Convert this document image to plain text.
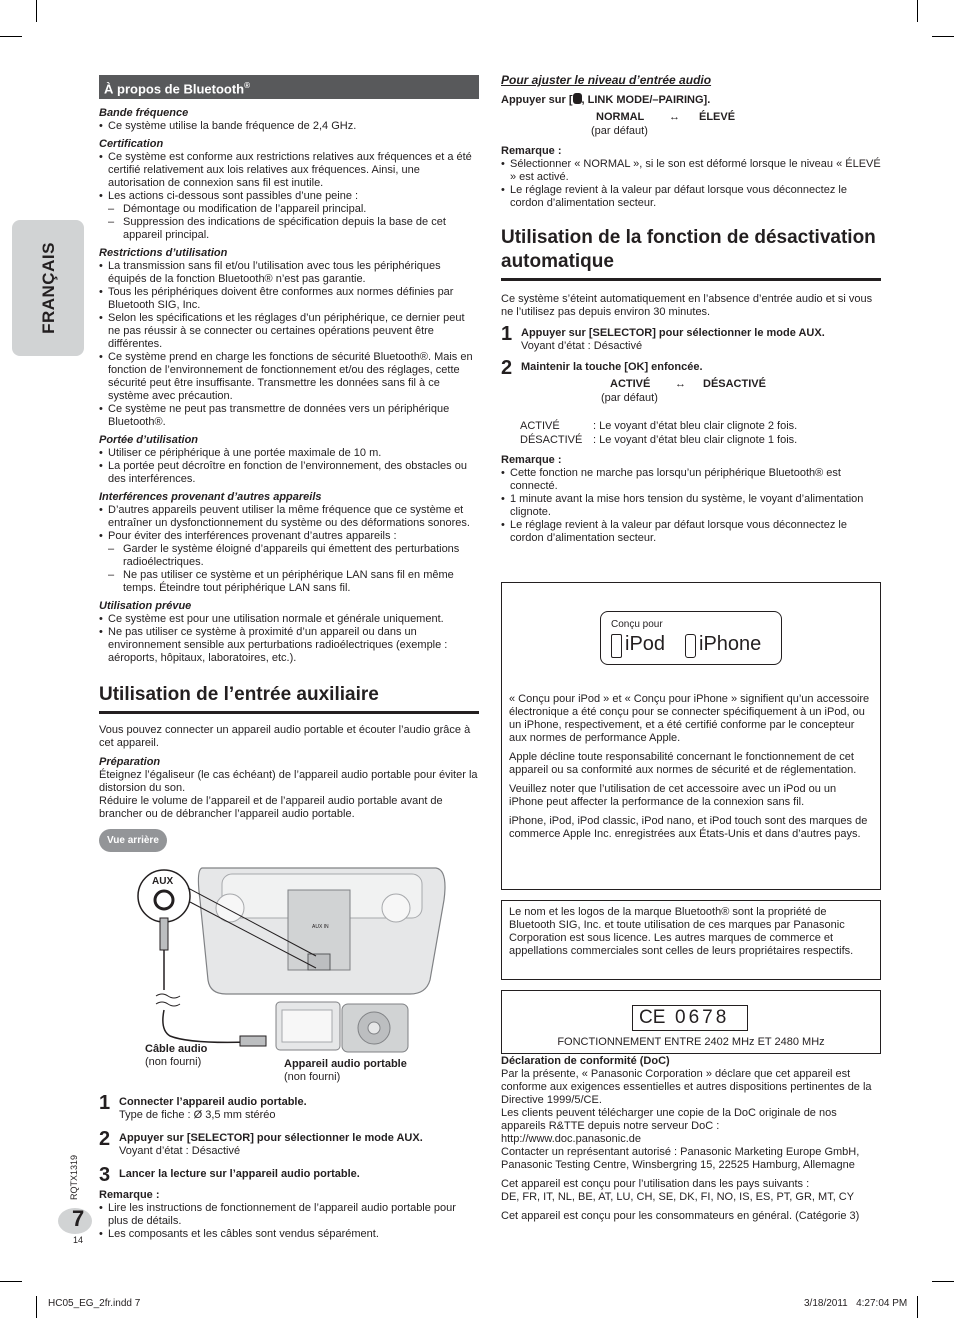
FRANÇAIS
RQTX1319
7
14
À propos de Bluetooth®
Bande fréquence
• Ce système utilise la bande fréquence de 2,4 GHz.
Certification
• Ce système est conforme aux restrictions relatives aux fréquences et a été certifié relativement aux lois relatives aux fréquences. Ainsi, une autorisation de connexion sans fil est inutile.
• Les actions ci-dessous sont passibles d’une peine :
– Démontage ou modification de l’appareil principal.
– Suppression des indications de spécification depuis la base de cet appareil principal.
Restrictions d’utilisation
• La transmission sans fil et/ou l’utilisation avec tous les périphériques équipés de la fonction Bluetooth® n’est pas garantie.
• Tous les périphériques doivent être conformes aux normes définies par Bluetooth SIG, Inc.
• Selon les spécifications et les réglages d’un périphérique, ce dernier peut ne pas réussir à se connecter ou certaines opérations peuvent être différentes.
• Ce système prend en charge les fonctions de sécurité Bluetooth®. Mais en fonction de l’environnement de fonctionnement et/ou des réglages, cette sécurité peut être insuffisante. Transmettre les données sans fil à ce système avec précaution.
• Ce système ne peut pas transmettre de données vers un périphérique Bluetooth®.
Portée d’utilisation
• Utiliser ce périphérique à une portée maximale de 10 m.
• La portée peut décroître en fonction de l’environnement, des obstacles ou des interférences.
Interférences provenant d’autres appareils
• D’autres appareils peuvent utiliser la même fréquence que ce système et entraîner un dysfonctionnement du système ou des déformations sonores.
• Pour éviter des interférences provenant d’autres appareils :
– Garder le système éloigné d’appareils qui émettent des perturbations radioélectriques.
– Ne pas utiliser ce système et un périphérique LAN sans fil en même temps. Éteindre tout périphérique LAN sans fil.
Utilisation prévue
• Ce système est pour une utilisation normale et générale uniquement.
• Ne pas utiliser ce système à proximité d’un appareil ou dans un environnement sensible aux perturbations radioélectriques (exemple : aéroports, hôpitaux, laboratoires, etc.).
Utilisation de l’entrée auxiliaire

Vous pouvez connecter un appareil audio portable et écouter l’audio grâce à cet appareil.

Préparation

Éteignez l’égaliseur (le cas échéant) de l’appareil audio portable pour éviter la distorsion du son.

Réduire le volume de l’appareil et de l’appareil audio portable avant de brancher ou de débrancher l’appareil audio portable.

Vue arrière
AUX IN
AUX
Câble audio
(non fourni)	Appareil audio portable
(non fourni)
1 Connecter l’appareil audio portable.
Type de fiche : Ø 3,5 mm stéréo
2 Appuyer sur [SELECTOR] pour sélectionner le mode AUX.
Voyant d’état : Désactivé
3 Lancer la lecture sur l’appareil audio portable.
Remarque :
• Lire les instructions de fonctionnement de l’appareil audio portable pour plus de détails.
• Les composants et les câbles sont vendus séparément.
Pour ajuster le niveau d’entrée audio
Appuyer sur [ , LINK MODE/–PAIRING].
NORMAL ↔ ÉLEVÉ
(par défaut)
Remarque :
• Sélectionner « NORMAL », si le son est déformé lorsque le niveau « ÉLEVÉ » est activé.
• Le réglage revient à la valeur par défaut lorsque vous déconnectez le cordon d’alimentation secteur.
Utilisation de la fonction de désactivation automatique

Ce système s’éteint automatiquement en l’absence d’entrée audio et si vous ne l’utilisez pas depuis environ 30 minutes.

1 Appuyer sur [SELECTOR] pour sélectionner le mode AUX.
Voyant d’état : Désactivé
2 Maintenir la touche [OK] enfoncée.
ACTIVÉ ↔ DÉSACTIVÉ
(par défaut)
ACTIVÉ	: Le voyant d’état bleu clair clignote 2 fois.
DÉSACTIVÉ : Le voyant d’état bleu clair clignote 1 fois.
Remarque :
• Cette fonction ne marche pas lorsqu’un périphérique Bluetooth® est connecté.
• 1 minute avant la mise hors tension du système, le voyant d’alimentation clignote.
• Le réglage revient à la valeur par défaut lorsque vous déconnectez le cordon d’alimentation secteur.
Conçu pour
iPod iPhone

« Conçu pour iPod » et « Conçu pour iPhone » signifient qu’un accessoire électronique a été conçu pour se connecter spécifiquement à un iPod, ou un iPhone, respectivement, et a été certifié conforme par le concepteur aux normes de performance Apple.

Apple décline toute responsabilité concernant le fonctionnement de cet appareil ou sa conformité aux normes de sécurité et de réglementation.

Veuillez noter que l’utilisation de cet accessoire avec un iPod ou un iPhone peut affecter la performance de la connexion sans fil.

iPhone, iPod, iPod classic, iPod nano, et iPod touch sont des marques de commerce Apple Inc. enregistrées aux États-Unis et dans d’autres pays.

Le nom et les logos de la marque Bluetooth® sont la propriété de Bluetooth SIG, Inc. et toute utilisation de ces marques par Panasonic Corporation est sous licence. Les autres marques de commerce et appellations commerciales sont celles de leurs propriétaires respectifs.

CE 0678
FONCTIONNEMENT ENTRE 2402 MHz ET 2480 MHz
Déclaration de conformité (DoC)

Par la présente, « Panasonic Corporation » déclare que cet appareil est conforme aux exigences essentielles et autres dispositions pertinentes de la Directive 1999/5/CE.

Les clients peuvent télécharger une copie de la DoC originale de nos appareils R&TTE depuis notre serveur DoC :

http://www.doc.panasonic.de

Contacter un représentant autorisé : Panasonic Marketing Europe GmbH, Panasonic Testing Centre, Winsbergring 15, 22525 Hamburg, Allemagne

Cet appareil est conçu pour l’utilisation dans les pays suivants :

DE, FR, IT, NL, BE, AT, LU, CH, SE, DK, FI, NO, IS, ES, PT, GR, MT, CY

Cet appareil est conçu pour les consommateurs en général. (Catégorie 3)

HC05_EG_2fr.indd 7	3/18/2011   4:27:04 PM
